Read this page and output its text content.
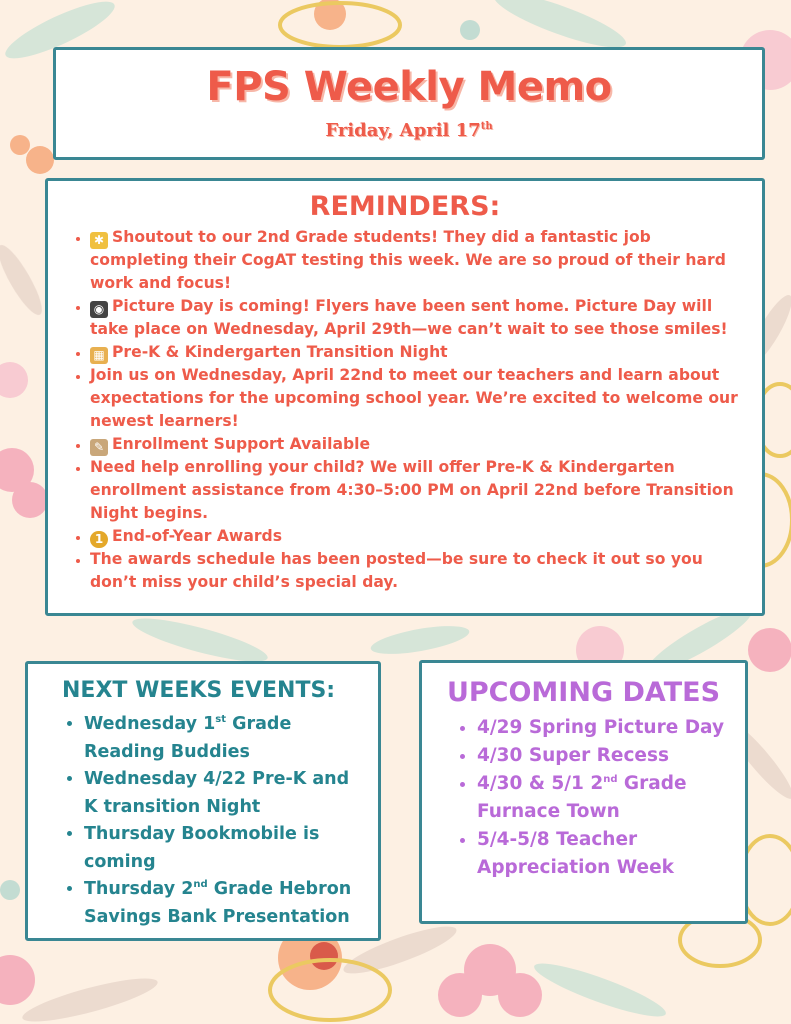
FPS Weekly Memo
Friday, April 17th
REMINDERS:
• ✱ Shoutout to our 2nd Grade students! They did a fantastic job completing their CogAT testing this week. We are so proud of their hard work and focus!
• ◉ Picture Day is coming! Flyers have been sent home. Picture Day will take place on Wednesday, April 29th—we can’t wait to see those smiles!
• ▦ Pre-K & Kindergarten Transition Night
• Join us on Wednesday, April 22nd to meet our teachers and learn about expectations for the upcoming school year. We’re excited to welcome our newest learners!
• ✎ Enrollment Support Available
• Need help enrolling your child? We will offer Pre-K & Kindergarten enrollment assistance from 4:30–5:00 PM on April 22nd before Transition Night begins.
• 1 End-of-Year Awards
• The awards schedule has been posted—be sure to check it out so you don’t miss your child’s special day.
NEXT WEEKS EVENTS:
• Wednesday 1st Grade Reading Buddies
• Wednesday 4/22 Pre-K and K transition Night
• Thursday Bookmobile is coming
• Thursday 2nd Grade Hebron Savings Bank Presentation
UPCOMING DATES
• 4/29 Spring Picture Day
• 4/30 Super Recess
• 4/30 & 5/1 2nd Grade Furnace Town
• 5/4-5/8 Teacher Appreciation Week
